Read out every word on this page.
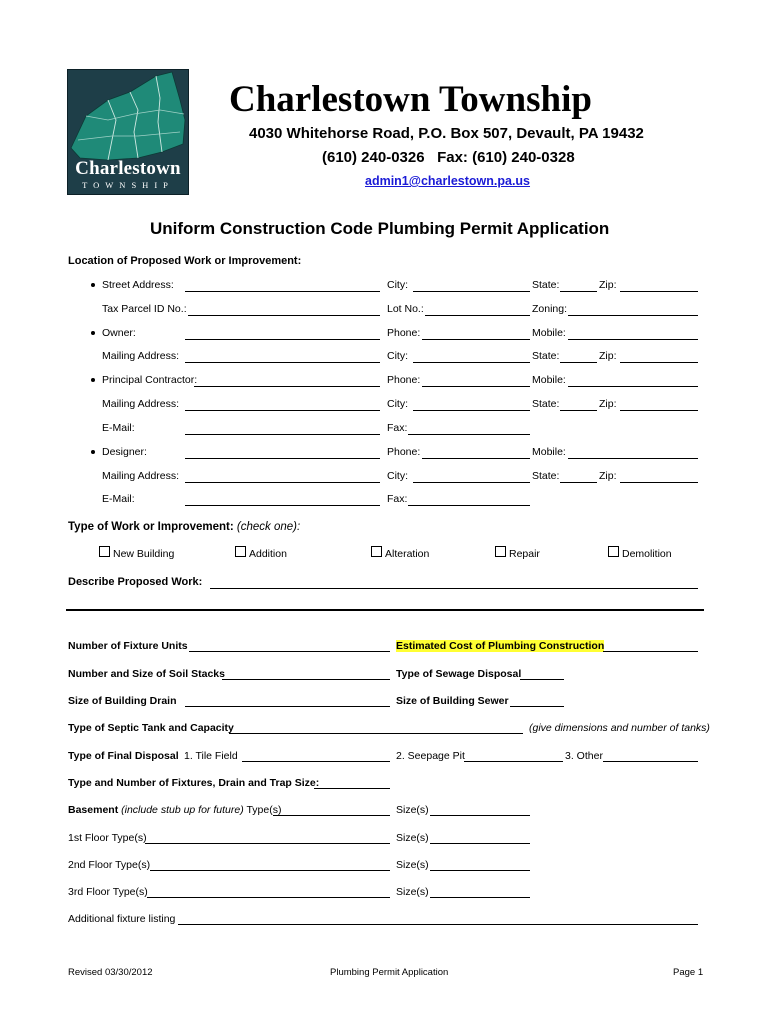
Charlestown
TOWNSHIP
Charlestown Township
4030 Whitehorse Road, P.O. Box 507, Devault, PA 19432
(610) 240-0326   Fax: (610) 240-0328
admin1@charlestown.pa.us
Uniform Construction Code Plumbing Permit Application
Location of Proposed Work or Improvement:
Street Address:	City:	State:	Zip:
Tax Parcel ID No.:	Lot No.:	Zoning:
Owner:	Phone:	Mobile:
Mailing Address:	City:	State:	Zip:
Principal Contractor:	Phone:	Mobile:
Mailing Address:	City:	State:	Zip:
E-Mail:	Fax:
Designer:	Phone:	Mobile:
Mailing Address:	City:	State:	Zip:
E-Mail:	Fax:
Type of Work or Improvement: (check one):
New Building	Addition	Alteration	Repair	Demolition
Describe Proposed Work:
Number of Fixture Units	Estimated Cost of Plumbing Construction
Number and Size of Soil Stacks	Type of Sewage Disposal
Size of Building Drain	Size of Building Sewer
Type of Septic Tank and Capacity	(give dimensions and number of tanks)
Type of Final Disposal 1. Tile Field	2. Seepage Pit	3. Other
Type and Number of Fixtures, Drain and Trap Size:
Basement (include stub up for future) Type(s)	Size(s)
1st Floor Type(s)	Size(s)
2nd Floor Type(s)	Size(s)
3rd Floor Type(s)	Size(s)
Additional fixture listing
Revised 03/30/2012	Plumbing Permit Application	Page 1
